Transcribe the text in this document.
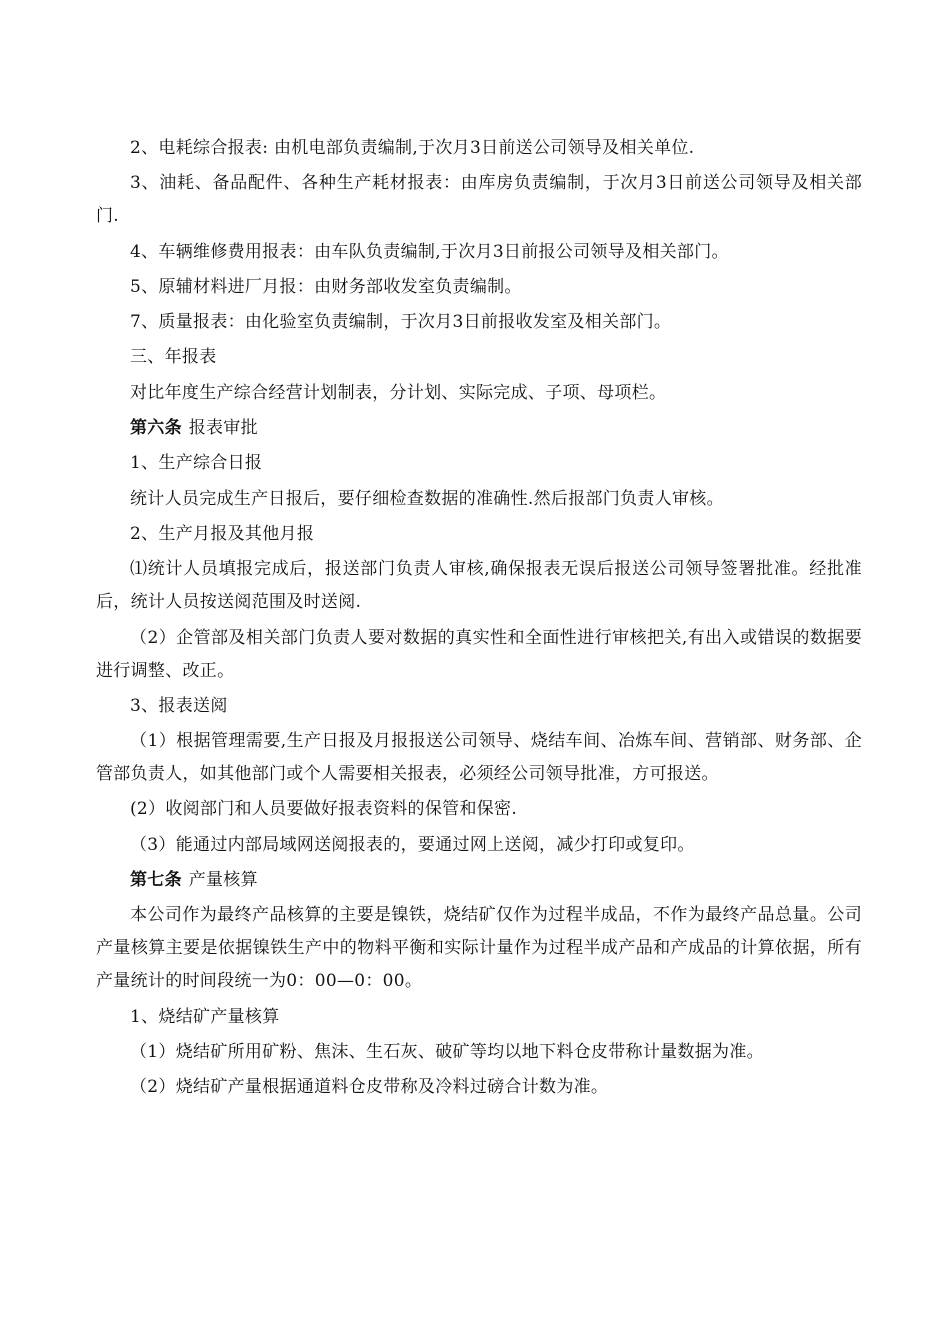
2、电耗综合报表: 由机电部负责编制,于次月3日前送公司领导及相关单位.

3、油耗、备品配件、各种生产耗材报表：由库房负责编制，于次月3日前送公司领导及相关部门.

4、车辆维修费用报表：由车队负责编制,于次月3日前报公司领导及相关部门。

5、原辅材料进厂月报：由财务部收发室负责编制。

7、质量报表：由化验室负责编制，于次月3日前报收发室及相关部门。

三、年报表

对比年度生产综合经营计划制表，分计划、实际完成、子项、母项栏。

第六条 报表审批

1、生产综合日报

统计人员完成生产日报后，要仔细检查数据的准确性.然后报部门负责人审核。

2、生产月报及其他月报

⑴统计人员填报完成后，报送部门负责人审核,确保报表无误后报送公司领导签署批准。经批准后，统计人员按送阅范围及时送阅.

（2）企管部及相关部门负责人要对数据的真实性和全面性进行审核把关,有出入或错误的数据要进行调整、改正。

3、报表送阅

（1）根据管理需要,生产日报及月报报送公司领导、烧结车间、冶炼车间、营销部、财务部、企管部负责人，如其他部门或个人需要相关报表，必须经公司领导批准，方可报送。

(2）收阅部门和人员要做好报表资料的保管和保密.

（3）能通过内部局域网送阅报表的，要通过网上送阅，减少打印或复印。

第七条 产量核算

本公司作为最终产品核算的主要是镍铁，烧结矿仅作为过程半成品，不作为最终产品总量。公司产量核算主要是依据镍铁生产中的物料平衡和实际计量作为过程半成产品和产成品的计算依据，所有产量统计的时间段统一为0：00—0：00。

1、烧结矿产量核算

（1）烧结矿所用矿粉、焦沫、生石灰、破矿等均以地下料仓皮带称计量数据为准。

（2）烧结矿产量根据通道料仓皮带称及冷料过磅合计数为准。
